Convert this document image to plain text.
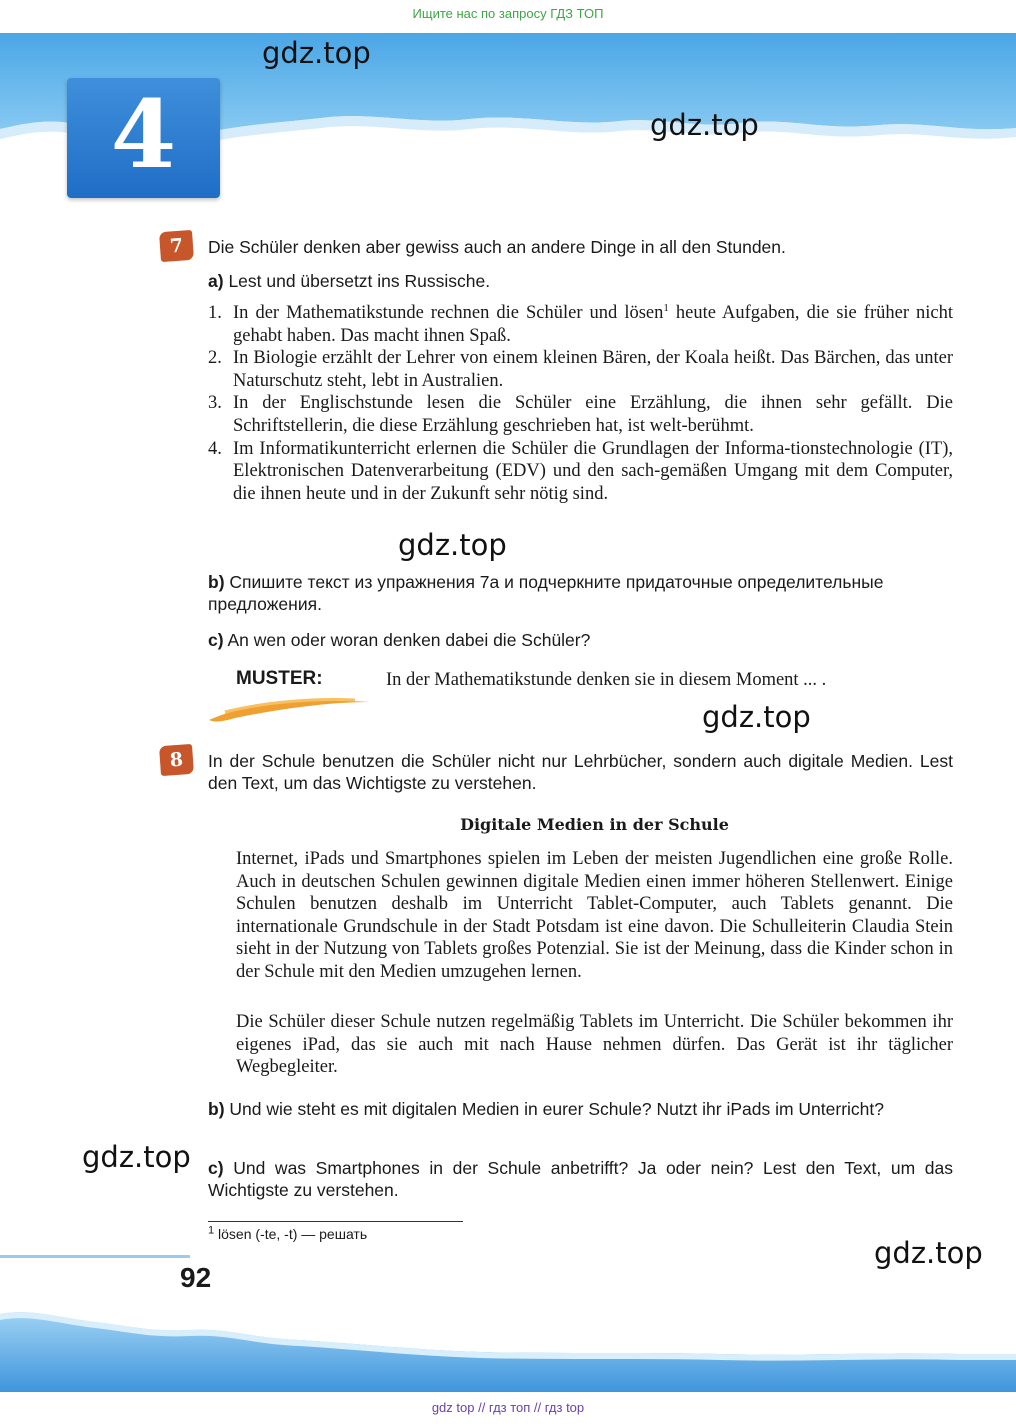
Ищите нас по запросу ГДЗ ТОП
4
gdz.top
gdz.top
gdz.top
gdz.top
gdz.top
gdz.top
7	Die Schüler denken aber gewiss auch an andere Dinge in all den Stunden.
a) Lest und übersetzt ins Russische.
1. In der Mathematikstunde rechnen die Schüler und lösen$^1$ heute Aufgaben, die sie früher nicht gehabt haben. Das macht ihnen Spaß.
2. In Biologie erzählt der Lehrer von einem kleinen Bären, der Koala heißt. Das Bärchen, das unter Naturschutz steht, lebt in Australien.
3. In der Englischstunde lesen die Schüler eine Erzählung, die ihnen sehr gefällt. Die Schriftstellerin, die diese Erzählung geschrieben hat, ist welt-berühmt.
4. Im Informatikunterricht erlernen die Schüler die Grundlagen der Informa-tionstechnologie (IT), Elektronischen Datenverarbeitung (EDV) und den sach-gemäßen Umgang mit dem Computer, die ihnen heute und in der Zukunft sehr nötig sind.
b) Спишите текст из упражнения 7а и подчеркните придаточные определительные предложения.
c) An wen oder woran denken dabei die Schüler?
MUSTER:	In der Mathematikstunde denken sie in diesem Moment ... .
8	In der Schule benutzen die Schüler nicht nur Lehrbücher, sondern auch digitale Medien. Lest den Text, um das Wichtigste zu verstehen.
Digitale Medien in der Schule
Internet, iPads und Smartphones spielen im Leben der meisten Jugendlichen eine große Rolle. Auch in deutschen Schulen gewinnen digitale Medien einen immer höheren Stellenwert. Einige Schulen benutzen deshalb im Unterricht Tablet-Computer, auch Tablets genannt. Die internationale Grundschule in der Stadt Potsdam ist eine davon. Die Schulleiterin Claudia Stein sieht in der Nutzung von Tablets großes Potenzial. Sie ist der Meinung, dass die Kinder schon in der Schule mit den Medien umzugehen lernen.
Die Schüler dieser Schule nutzen regelmäßig Tablets im Unterricht. Die Schüler bekommen ihr eigenes iPad, das sie auch mit nach Hause nehmen dürfen. Das Gerät ist ihr täglicher Wegbegleiter.
b) Und wie steht es mit digitalen Medien in eurer Schule? Nutzt ihr iPads im Unterricht?
c) Und was Smartphones in der Schule anbetrifft? Ja oder nein? Lest den Text, um das Wichtigste zu verstehen.
$^1$ lösen (-te, -t) — решать
92
gdz top // гдз топ // гдз top
